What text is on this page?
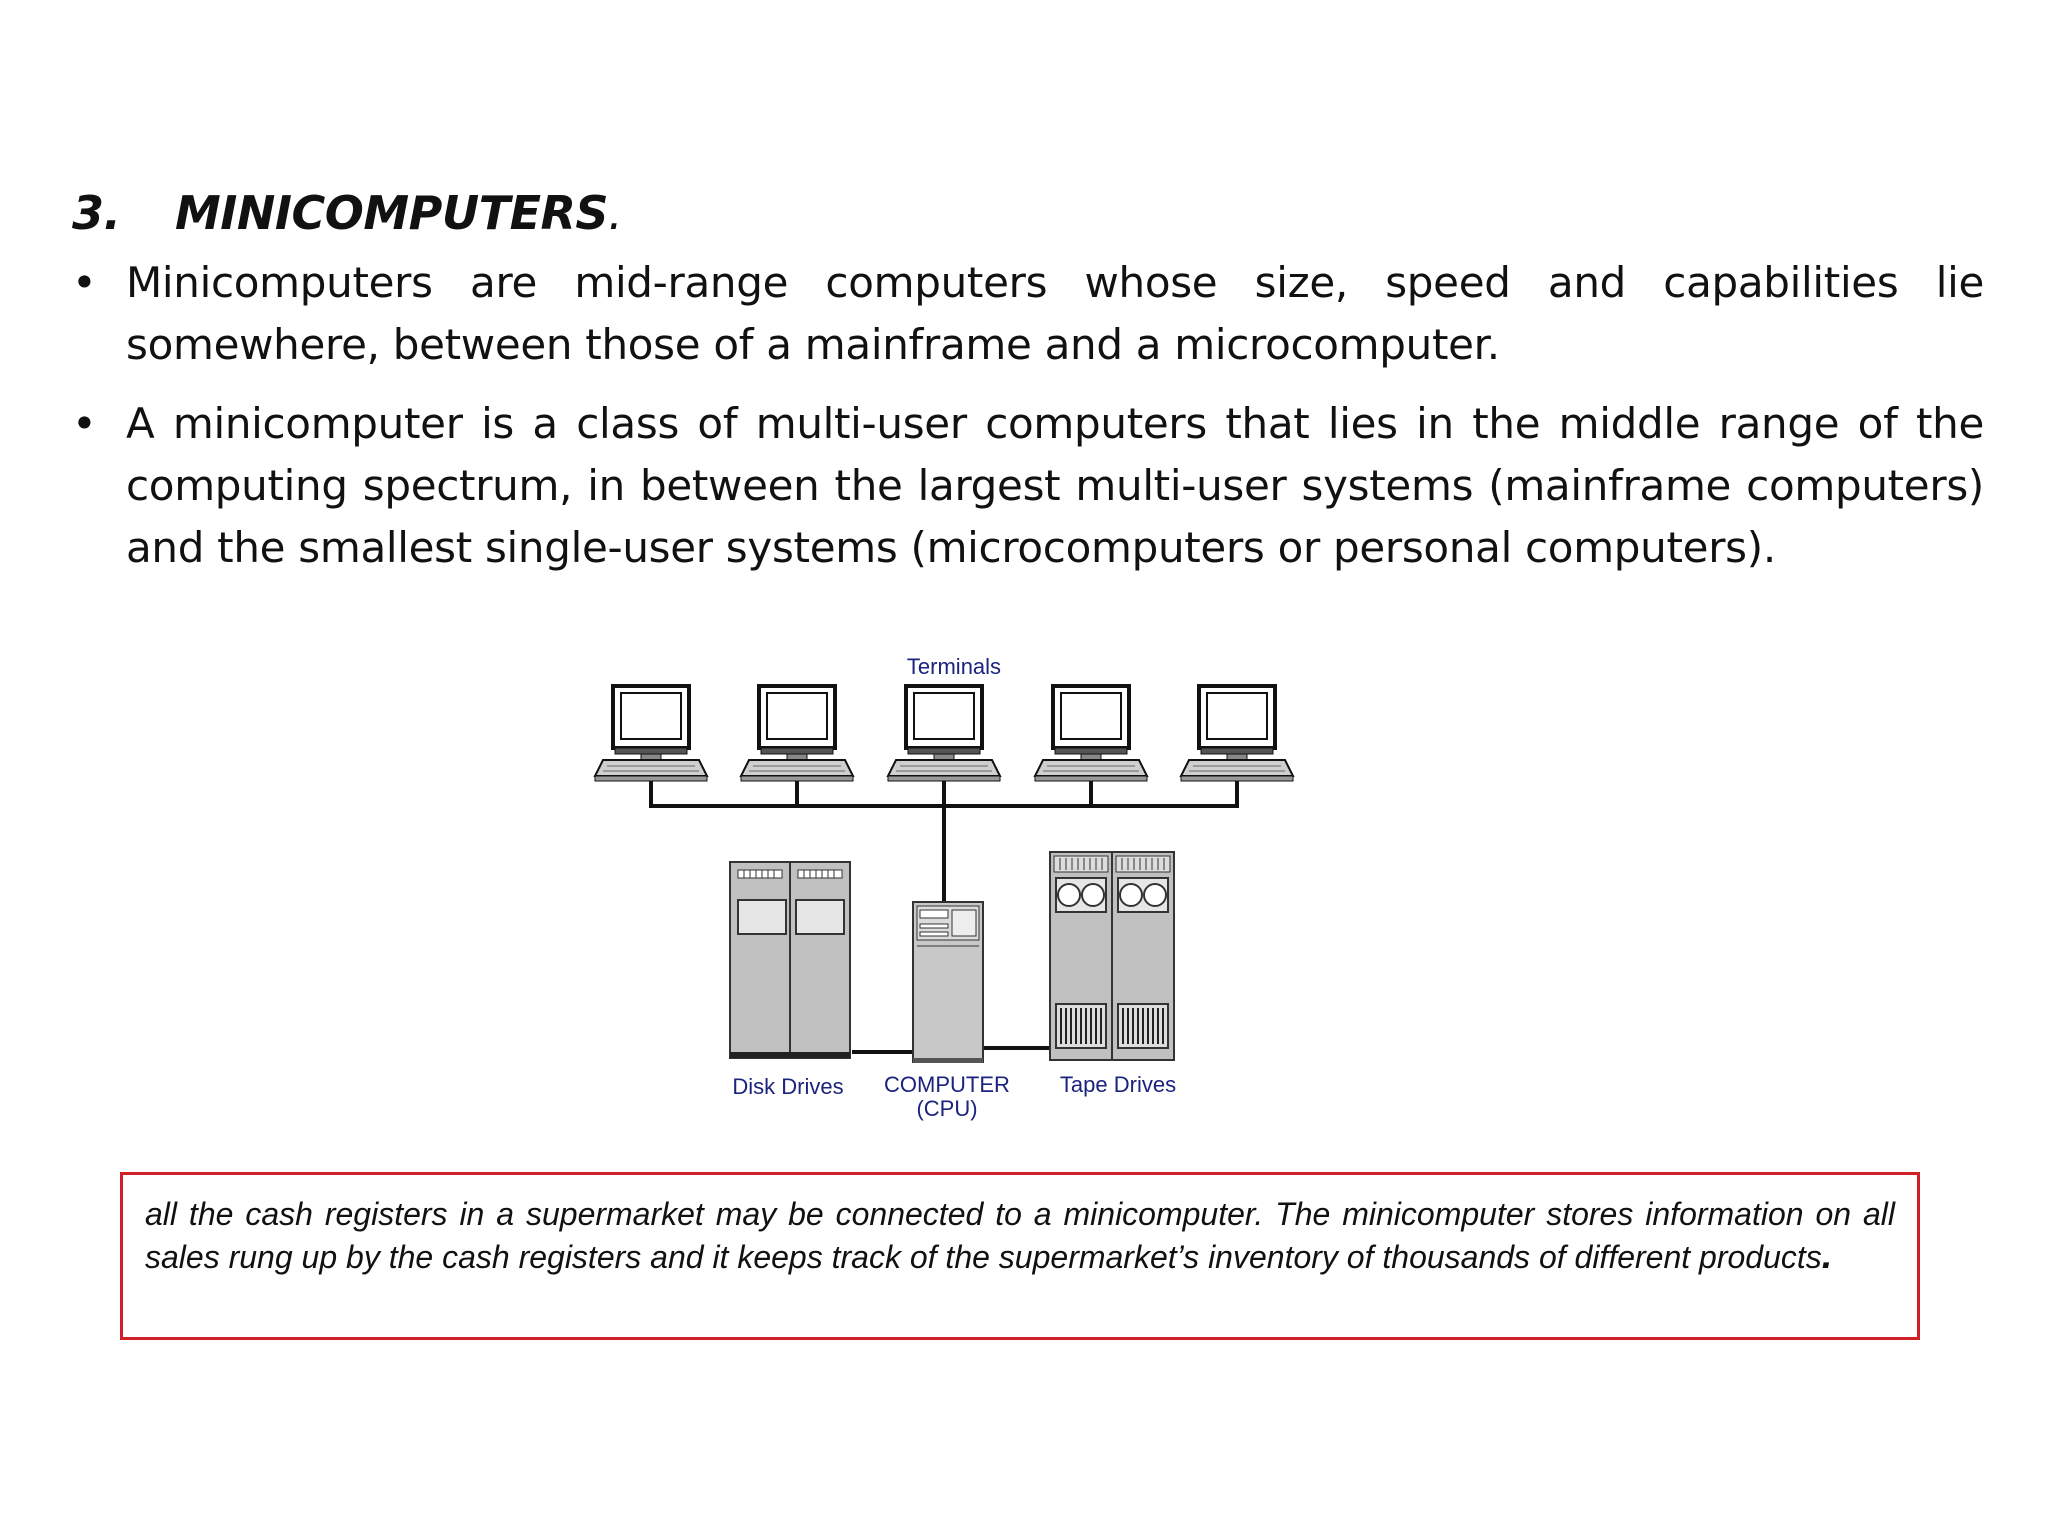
3. MINICOMPUTERS.
• Minicomputers are mid-range computers whose size, speed and capabilities lie somewhere, between those of a mainframe and a microcomputer.
• A minicomputer is a class of multi-user computers that lies in the middle range of the computing spectrum, in between the largest multi-user systems (mainframe computers) and the smallest single-user systems (microcomputers or personal computers).
Terminals
Disk Drives COMPUTER
(CPU)
Tape Drives
all the cash registers in a supermarket may be connected to a minicomputer. The minicomputer stores information on all sales rung up by the cash registers and it keeps track of the supermarket’s inventory of thousands of different products.
